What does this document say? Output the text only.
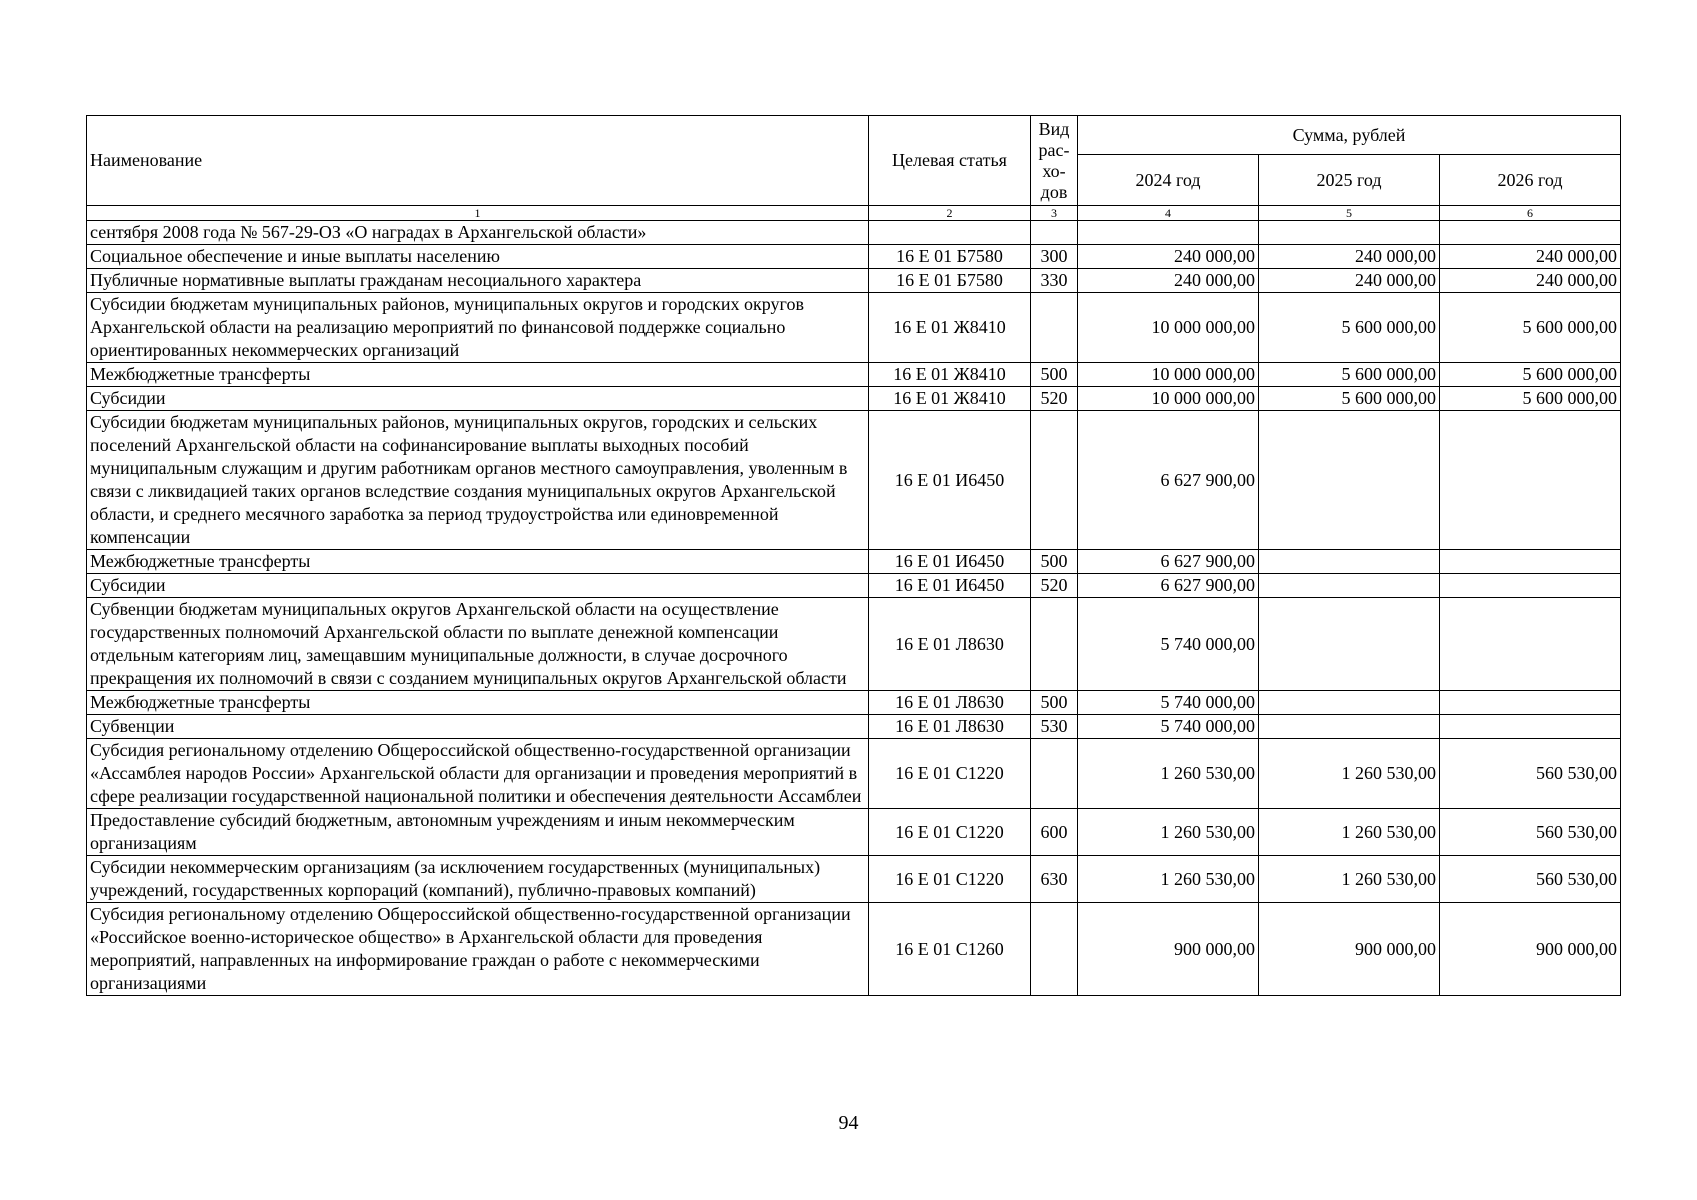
Наименование	Целевая статья	Вид рас-хо-дов	Сумма, рублей		
			2024 год	2025 год	2026 год
1	2	3	4	5	6
сентября 2008 года № 567-29-ОЗ «О наградах в Архангельской области»					
Социальное обеспечение и иные выплаты населению	16 Е 01 Б7580	300	240 000,00	240 000,00	240 000,00
Публичные нормативные выплаты гражданам несоциального характера	16 Е 01 Б7580	330	240 000,00	240 000,00	240 000,00
Субсидии бюджетам муниципальных районов, муниципальных округов и городских округов Архангельской области на реализацию мероприятий по финансовой поддержке социально ориентированных некоммерческих организаций	16 Е 01 Ж8410		10 000 000,00	5 600 000,00	5 600 000,00
Межбюджетные трансферты	16 Е 01 Ж8410	500	10 000 000,00	5 600 000,00	5 600 000,00
Субсидии	16 Е 01 Ж8410	520	10 000 000,00	5 600 000,00	5 600 000,00
Субсидии бюджетам муниципальных районов, муниципальных округов, городских и сельских поселений Архангельской области на софинансирование выплаты выходных пособий муниципальным служащим и другим работникам органов местного самоуправления, уволенным в связи с ликвидацией таких органов вследствие создания муниципальных округов Архангельской области, и среднего месячного заработка за период трудоустройства или единовременной компенсации	16 Е 01 И6450		6 627 900,00		
Межбюджетные трансферты	16 Е 01 И6450	500	6 627 900,00		
Субсидии	16 Е 01 И6450	520	6 627 900,00		
Субвенции бюджетам муниципальных округов Архангельской области на осуществление государственных полномочий Архангельской области по выплате денежной компенсации отдельным категориям лиц, замещавшим муниципальные должности, в случае досрочного прекращения их полномочий в связи с созданием муниципальных округов Архангельской области	16 Е 01 Л8630		5 740 000,00		
Межбюджетные трансферты	16 Е 01 Л8630	500	5 740 000,00		
Субвенции	16 Е 01 Л8630	530	5 740 000,00		
Субсидия региональному отделению Общероссийской общественно-государственной организации «Ассамблея народов России» Архангельской области для организации и проведения мероприятий в сфере реализации государственной национальной политики и обеспечения деятельности Ассамблеи	16 Е 01 С1220		1 260 530,00	1 260 530,00	560 530,00
Предоставление субсидий бюджетным, автономным учреждениям и иным некоммерческим организациям	16 Е 01 С1220	600	1 260 530,00	1 260 530,00	560 530,00
Субсидии некоммерческим организациям (за исключением государственных (муниципальных) учреждений, государственных корпораций (компаний), публично-правовых компаний)	16 Е 01 С1220	630	1 260 530,00	1 260 530,00	560 530,00
Субсидия региональному отделению Общероссийской общественно-государственной организации «Российское военно-историческое общество» в Архангельской области для проведения мероприятий, направленных на информирование граждан о работе с некоммерческими организациями	16 Е 01 С1260		900 000,00	900 000,00	900 000,00
94
